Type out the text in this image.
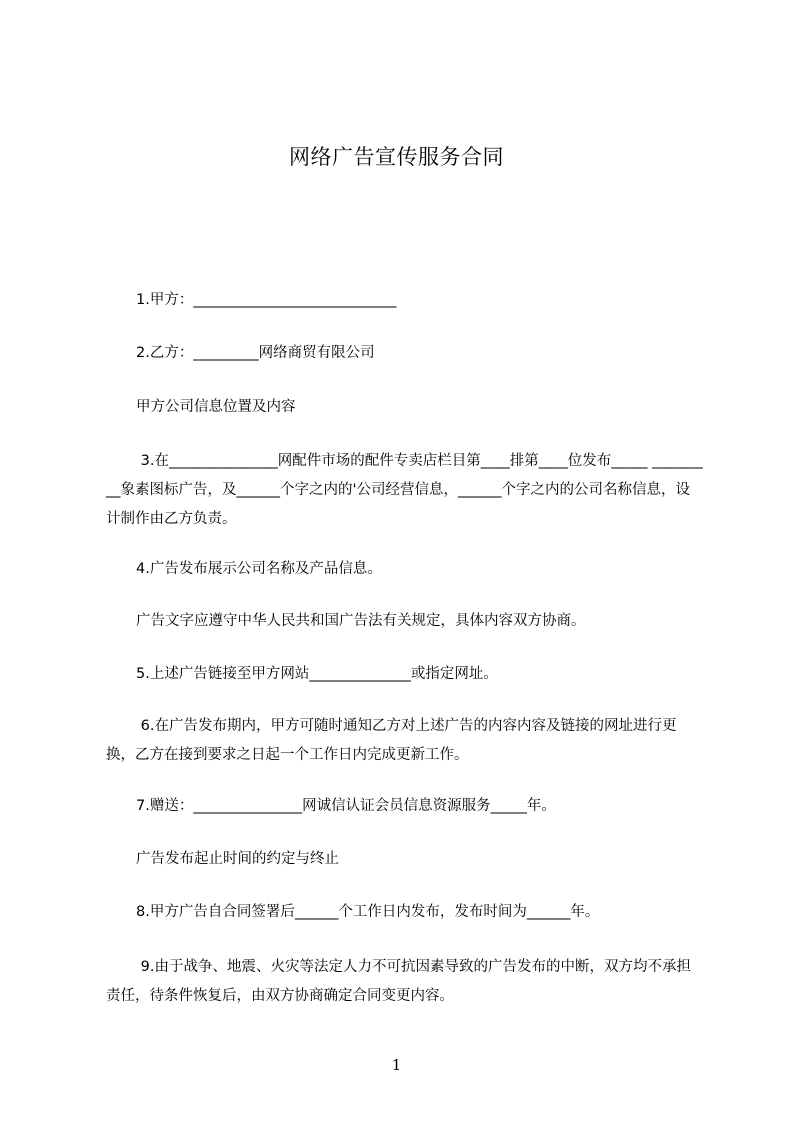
网络广告宣传服务合同
1.甲方：____________________________
2.乙方：_________网络商贸有限公司
甲方公司信息位置及内容
3.在_______________网配件市场的配件专卖店栏目第____排第____位发布_____ _________象素图标广告，及______个字之内的'公司经营信息，______个字之内的公司名称信息，设计制作由乙方负责。
4.广告发布展示公司名称及产品信息。
广告文字应遵守中华人民共和国广告法有关规定，具体内容双方协商。
5.上述广告链接至甲方网站______________或指定网址。
6.在广告发布期内，甲方可随时通知乙方对上述广告的内容内容及链接的网址进行更换，乙方在接到要求之日起一个工作日内完成更新工作。
7.赠送：_______________网诚信认证会员信息资源服务_____年。
广告发布起止时间的约定与终止
8.甲方广告自合同签署后______个工作日内发布，发布时间为______年。
9.由于战争、地震、火灾等法定人力不可抗因素导致的广告发布的中断，双方均不承担责任，待条件恢复后，由双方协商确定合同变更内容。
1
